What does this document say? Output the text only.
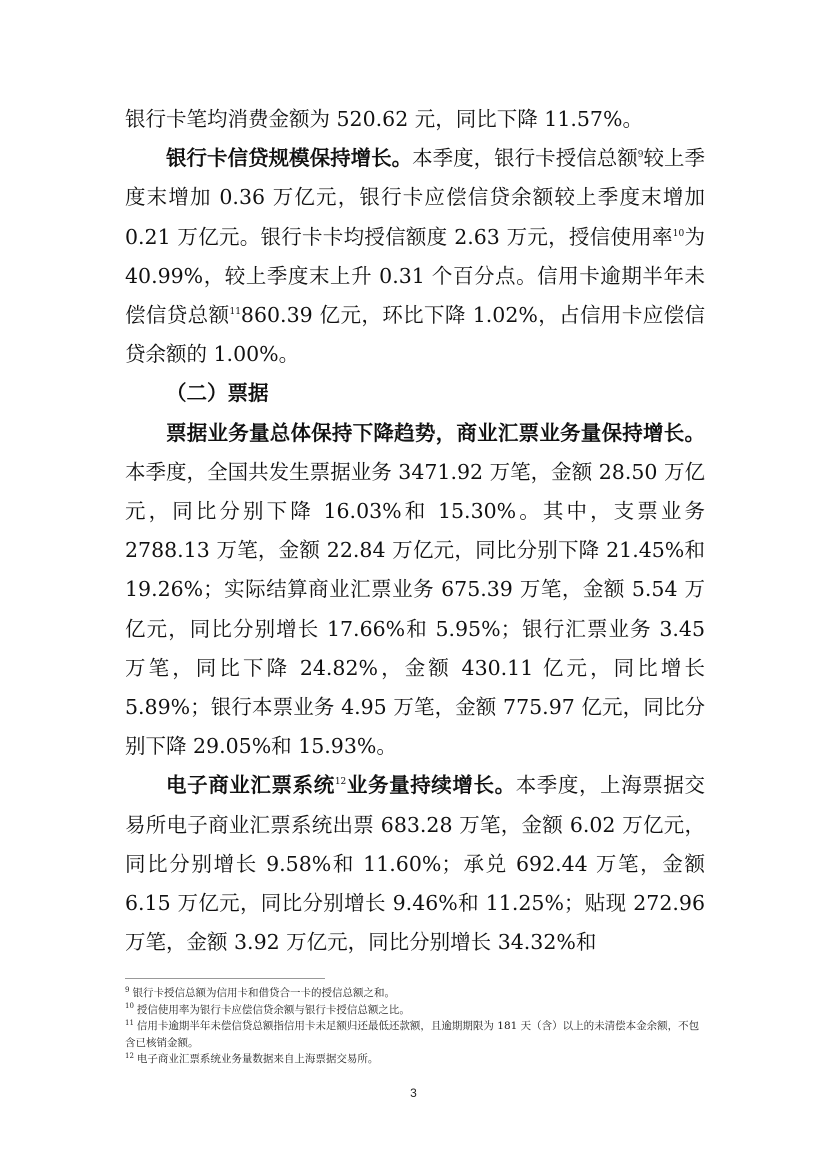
银行卡笔均消费金额为 520.62 元，同比下降 11.57%。

银行卡信贷规模保持增长。本季度，银行卡授信总额$^9$较上季度末增加 0.36 万亿元，银行卡应偿信贷余额较上季度末增加 0.21 万亿元。银行卡卡均授信额度 2.63 万元，授信使用率$^{10}$为 40.99%，较上季度末上升 0.31 个百分点。信用卡逾期半年未偿信贷总额$^{11}$860.39 亿元，环比下降 1.02%，占信用卡应偿信贷余额的 1.00%。

（二）票据

票据业务量总体保持下降趋势，商业汇票业务量保持增长。本季度，全国共发生票据业务 3471.92 万笔，金额 28.50 万亿元，同比分别下降 16.03%和 15.30%。其中，支票业务 2788.13 万笔，金额 22.84 万亿元，同比分别下降 21.45%和 19.26%；实际结算商业汇票业务 675.39 万笔，金额 5.54 万亿元，同比分别增长 17.66%和 5.95%；银行汇票业务 3.45 万笔，同比下降 24.82%，金额 430.11 亿元，同比增长 5.89%；银行本票业务 4.95 万笔，金额 775.97 亿元，同比分别下降 29.05%和 15.93%。

电子商业汇票系统$^{12}$业务量持续增长。本季度，上海票据交易所电子商业汇票系统出票 683.28 万笔，金额 6.02 万亿元，同比分别增长 9.58%和 11.60%；承兑 692.44 万笔，金额 6.15 万亿元，同比分别增长 9.46%和 11.25%；贴现 272.96 万笔，金额 3.92 万亿元，同比分别增长 34.32%和

$^9$ 银行卡授信总额为信用卡和借贷合一卡的授信总额之和。

$^{10}$ 授信使用率为银行卡应偿信贷余额与银行卡授信总额之比。

$^{11}$ 信用卡逾期半年未偿信贷总额指信用卡未足额归还最低还款额，且逾期期限为 181 天（含）以上的未清偿本金余额，不包含已核销金额。

$^{12}$ 电子商业汇票系统业务量数据来自上海票据交易所。

3
